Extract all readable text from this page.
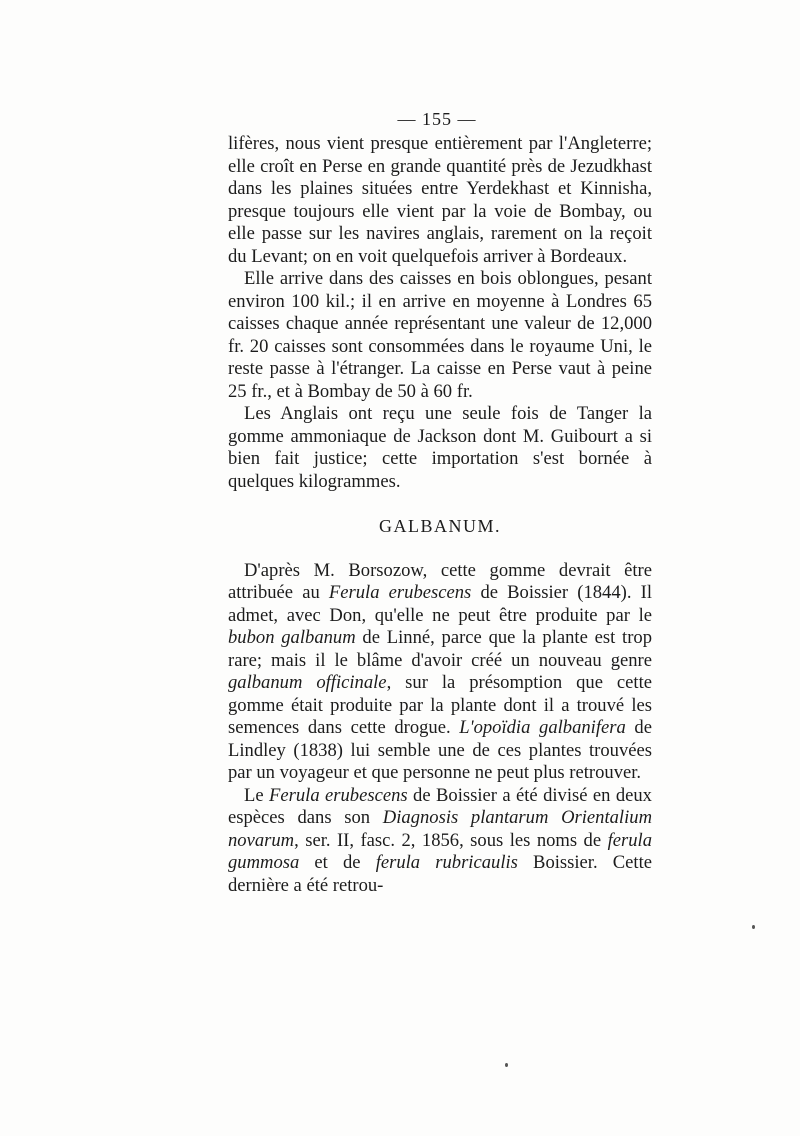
— 155 —

lifères, nous vient presque entièrement par l'Angleterre; elle croît en Perse en grande quantité près de Jezudkhast dans les plaines situées entre Yerdekhast et Kinnisha, presque toujours elle vient par la voie de Bombay, ou elle passe sur les navires anglais, rarement on la reçoit du Levant; on en voit quelquefois arriver à Bordeaux.

Elle arrive dans des caisses en bois oblongues, pesant environ 100 kil.; il en arrive en moyenne à Londres 65 caisses chaque année représentant une valeur de 12,000 fr. 20 caisses sont consommées dans le royaume Uni, le reste passe à l'étranger. La caisse en Perse vaut à peine 25 fr., et à Bombay de 50 à 60 fr.

Les Anglais ont reçu une seule fois de Tanger la gomme ammoniaque de Jackson dont M. Guibourt a si bien fait justice; cette importation s'est bornée à quelques kilogrammes.

GALBANUM.

D'après M. Borsozow, cette gomme devrait être attribuée au Ferula erubescens de Boissier (1844). Il admet, avec Don, qu'elle ne peut être produite par le bubon galbanum de Linné, parce que la plante est trop rare; mais il le blâme d'avoir créé un nouveau genre galbanum officinale, sur la présomption que cette gomme était produite par la plante dont il a trouvé les semences dans cette drogue. L'opoïdia galbanifera de Lindley (1838) lui semble une de ces plantes trouvées par un voyageur et que personne ne peut plus retrouver.

Le Ferula erubescens de Boissier a été divisé en deux espèces dans son Diagnosis plantarum Orientalium novarum, ser. II, fasc. 2, 1856, sous les noms de ferula gummosa et de ferula rubricaulis Boissier. Cette dernière a été retrou-
